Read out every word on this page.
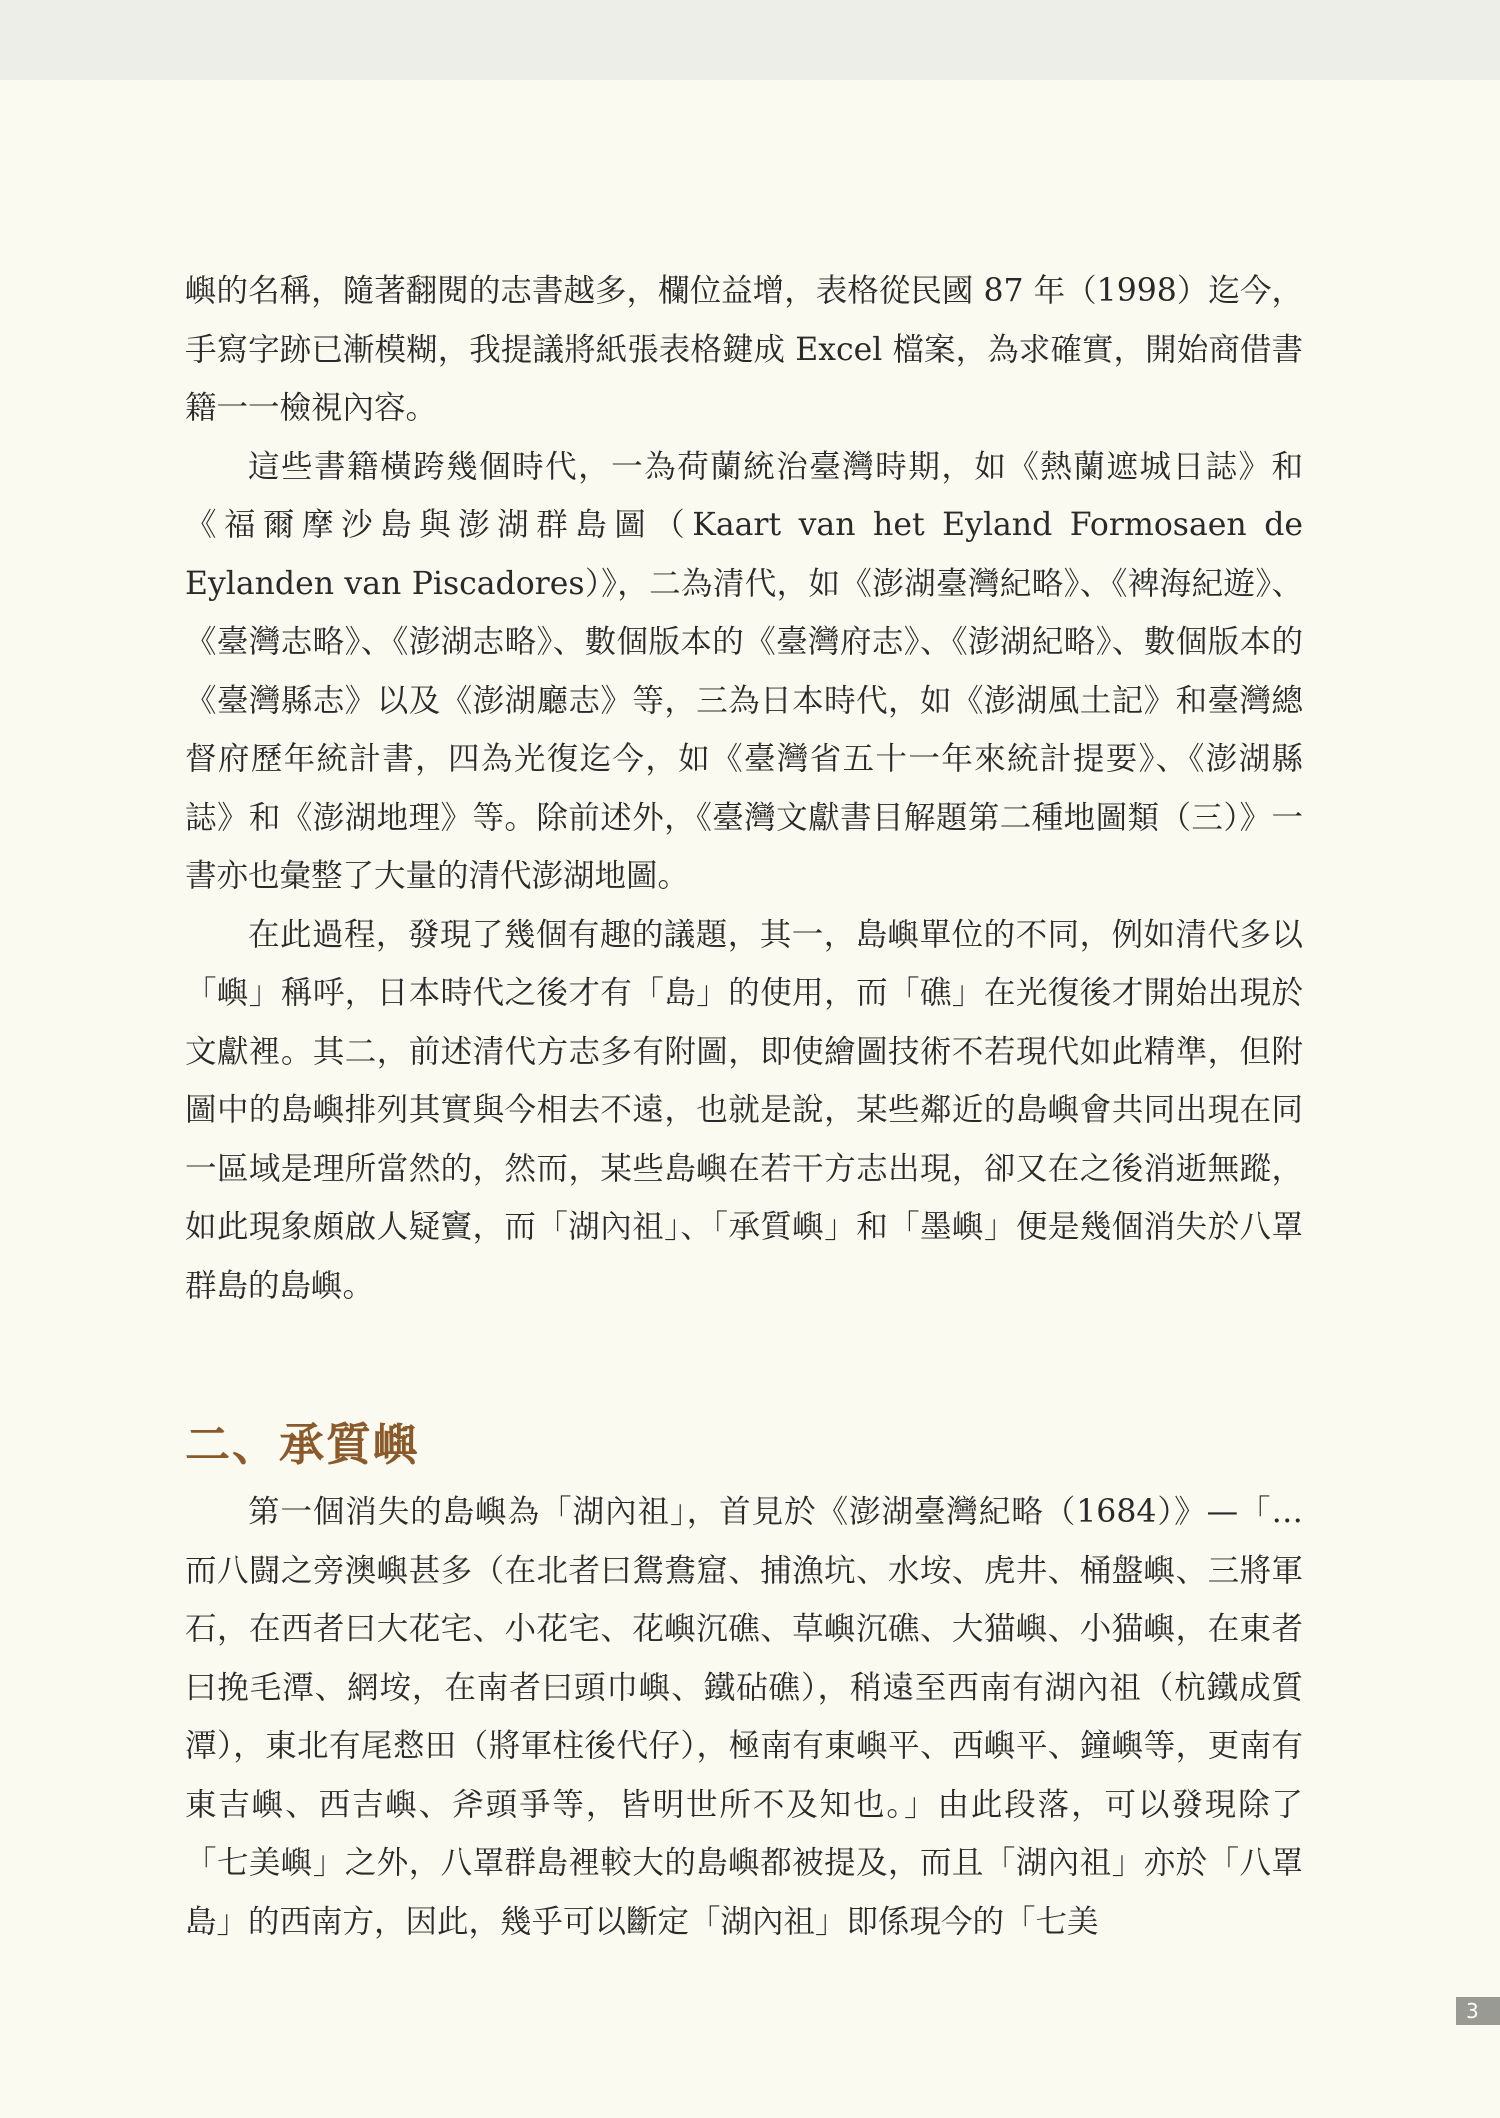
嶼的名稱，隨著翻閱的志書越多，欄位益增，表格從民國 87 年（1998）迄今，手寫字跡已漸模糊，我提議將紙張表格鍵成 Excel 檔案，為求確實，開始商借書籍一一檢視內容。

這些書籍橫跨幾個時代，一為荷蘭統治臺灣時期，如《熱蘭遮城日誌》和《福爾摩沙島與澎湖群島圖（Kaart van het Eyland Formosaen de Eylanden van Piscadores）》，二為清代，如《澎湖臺灣紀略》、《裨海紀遊》、《臺灣志略》、《澎湖志略》、數個版本的《臺灣府志》、《澎湖紀略》、數個版本的《臺灣縣志》以及《澎湖廳志》等，三為日本時代，如《澎湖風土記》和臺灣總督府歷年統計書，四為光復迄今，如《臺灣省五十一年來統計提要》、《澎湖縣誌》和《澎湖地理》等。除前述外，《臺灣文獻書目解題第二種地圖類（三）》一書亦也彙整了大量的清代澎湖地圖。

在此過程，發現了幾個有趣的議題，其一，島嶼單位的不同，例如清代多以「嶼」稱呼，日本時代之後才有「島」的使用，而「礁」在光復後才開始出現於文獻裡。其二，前述清代方志多有附圖，即使繪圖技術不若現代如此精準，但附圖中的島嶼排列其實與今相去不遠，也就是說，某些鄰近的島嶼會共同出現在同一區域是理所當然的，然而，某些島嶼在若干方志出現，卻又在之後消逝無蹤，如此現象頗啟人疑竇，而「湖內祖」、「承質嶼」和「墨嶼」便是幾個消失於八罩群島的島嶼。

二、承質嶼

第一個消失的島嶼為「湖內祖」，首見於《澎湖臺灣紀略（1684）》—「…而八闘之旁澳嶼甚多（在北者曰鴛鴦窟、捕漁坑、水垵、虎井、桶盤嶼、三將軍石，在西者曰大花宅、小花宅、花嶼沉礁、草嶼沉礁、大猫嶼、小猫嶼，在東者曰挽毛潭、網垵，在南者曰頭巾嶼、鐵砧礁），稍遠至西南有湖內祖（杭鐵成質潭），東北有尾慦田（將軍柱後代仔），極南有東嶼平、西嶼平、鐘嶼等，更南有東吉嶼、西吉嶼、斧頭爭等，皆明世所不及知也。」由此段落，可以發現除了「七美嶼」之外，八罩群島裡較大的島嶼都被提及，而且「湖內祖」亦於「八罩島」的西南方，因此，幾乎可以斷定「湖內祖」即係現今的「七美

3
